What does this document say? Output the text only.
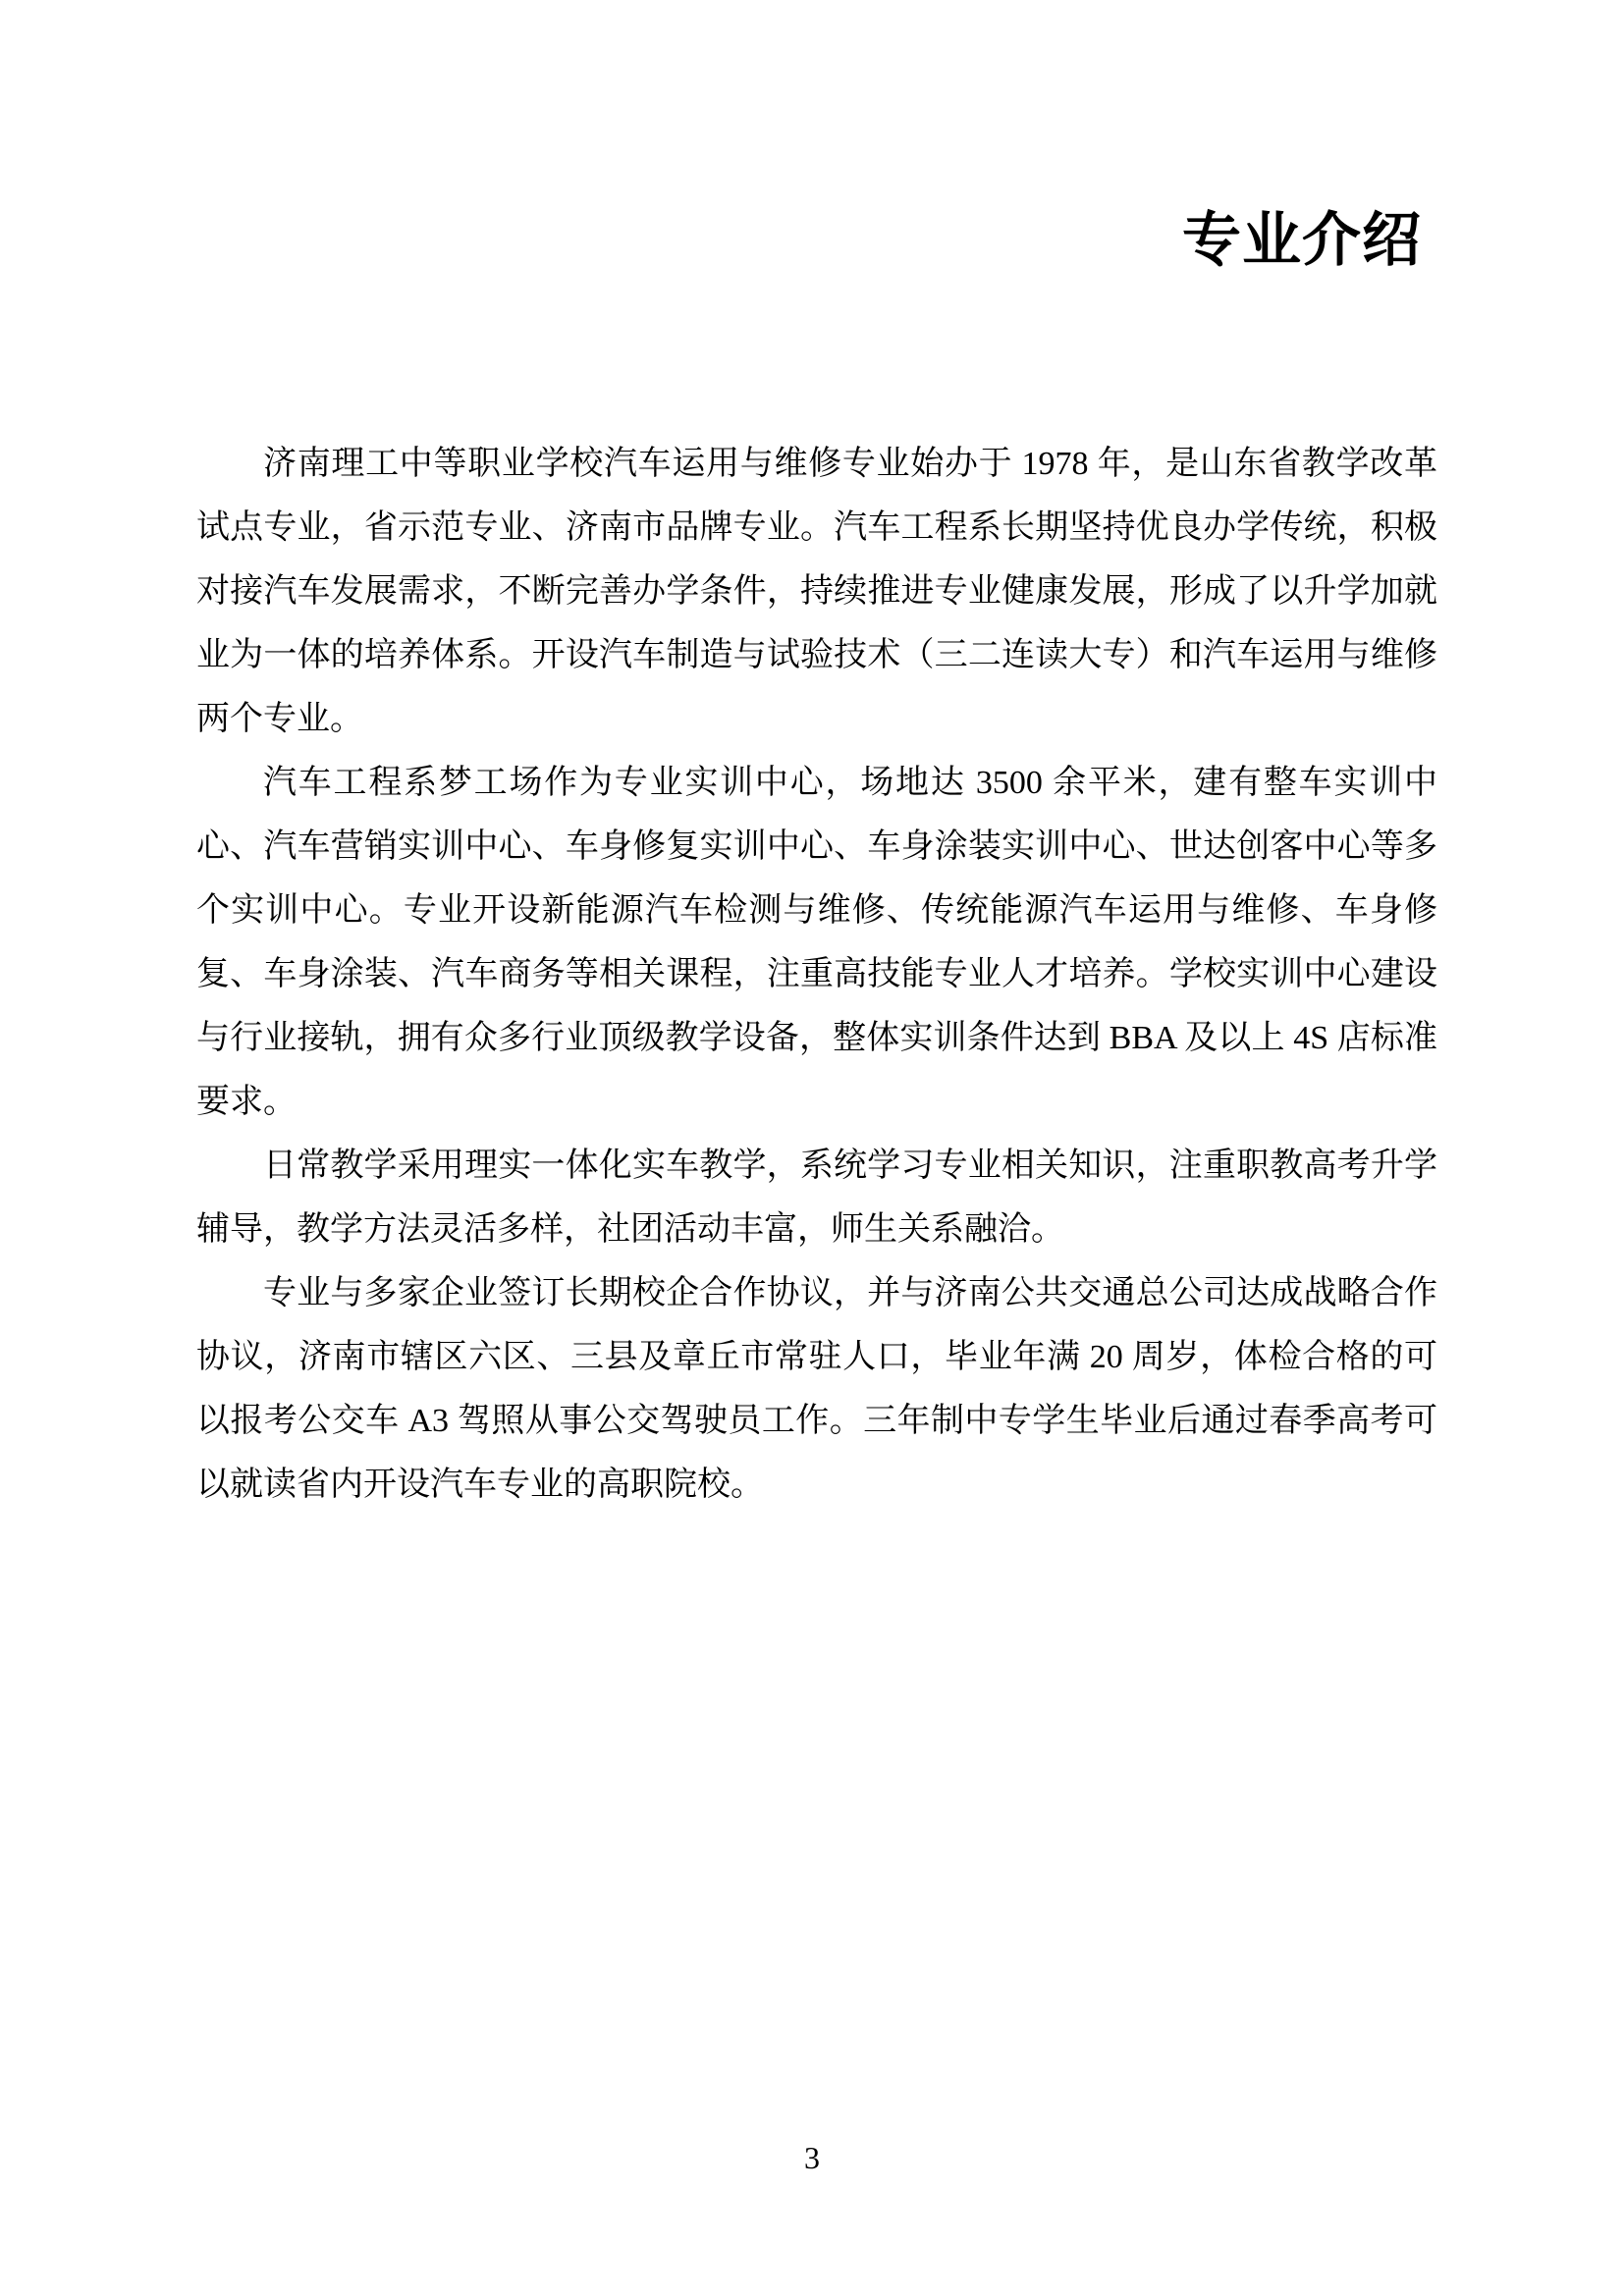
专业介绍

济南理工中等职业学校汽车运用与维修专业始办于 1978 年，是山东省教学改革试点专业，省示范专业、济南市品牌专业。汽车工程系长期坚持优良办学传统，积极对接汽车发展需求，不断完善办学条件，持续推进专业健康发展，形成了以升学加就业为一体的培养体系。开设汽车制造与试验技术（三二连读大专）和汽车运用与维修两个专业。

汽车工程系梦工场作为专业实训中心，场地达 3500 余平米，建有整车实训中心、汽车营销实训中心、车身修复实训中心、车身涂装实训中心、世达创客中心等多个实训中心。专业开设新能源汽车检测与维修、传统能源汽车运用与维修、车身修复、车身涂装、汽车商务等相关课程，注重高技能专业人才培养。学校实训中心建设与行业接轨，拥有众多行业顶级教学设备，整体实训条件达到 BBA 及以上 4S 店标准要求。

日常教学采用理实一体化实车教学，系统学习专业相关知识，注重职教高考升学辅导，教学方法灵活多样，社团活动丰富，师生关系融洽。

专业与多家企业签订长期校企合作协议，并与济南公共交通总公司达成战略合作协议，济南市辖区六区、三县及章丘市常驻人口，毕业年满 20 周岁，体检合格的可以报考公交车 A3 驾照从事公交驾驶员工作。三年制中专学生毕业后通过春季高考可以就读省内开设汽车专业的高职院校。

3
